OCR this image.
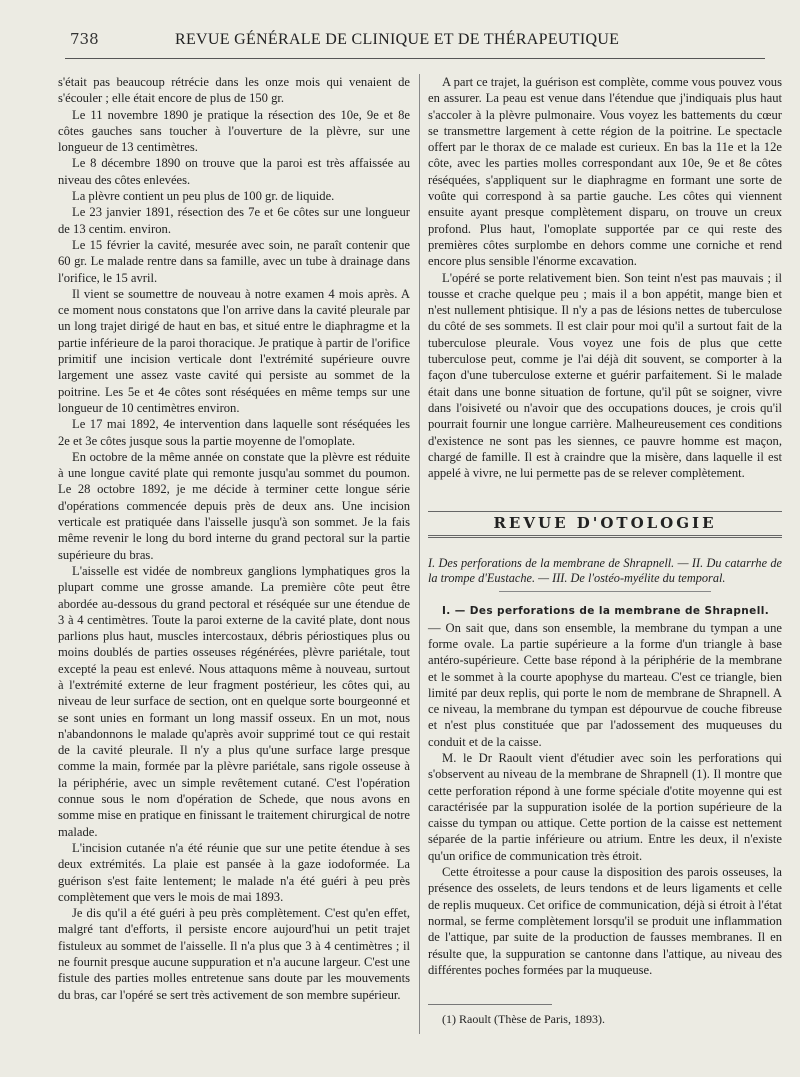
738	REVUE GÉNÉRALE DE CLINIQUE ET DE THÉRAPEUTIQUE

s'était pas beaucoup rétrécie dans les onze mois qui venaient de s'écouler ; elle était encore de plus de 150 gr.

Le 11 novembre 1890 je pratique la résection des 10e, 9e et 8e côtes gauches sans toucher à l'ouverture de la plèvre, sur une longueur de 13 centimètres.

Le 8 décembre 1890 on trouve que la paroi est très affaissée au niveau des côtes enlevées.

La plèvre contient un peu plus de 100 gr. de liquide.

Le 23 janvier 1891, résection des 7e et 6e côtes sur une longueur de 13 centim. environ.

Le 15 février la cavité, mesurée avec soin, ne paraît contenir que 60 gr. Le malade rentre dans sa famille, avec un tube à drainage dans l'orifice, le 15 avril.

Il vient se soumettre de nouveau à notre examen 4 mois après. A ce moment nous constatons que l'on arrive dans la cavité pleurale par un long trajet dirigé de haut en bas, et situé entre le diaphragme et la partie inférieure de la paroi thoracique. Je pratique à partir de l'orifice primitif une incision verticale dont l'extrémité supérieure ouvre largement une assez vaste cavité qui persiste au sommet de la poitrine. Les 5e et 4e côtes sont réséquées en même temps sur une longueur de 10 centimètres environ.

Le 17 mai 1892, 4e intervention dans laquelle sont réséquées les 2e et 3e côtes jusque sous la partie moyenne de l'omoplate.

En octobre de la même année on constate que la plèvre est réduite à une longue cavité plate qui remonte jusqu'au sommet du poumon. Le 28 octobre 1892, je me décide à terminer cette longue série d'opérations commencée depuis près de deux ans. Une incision verticale est pratiquée dans l'aisselle jusqu'à son sommet. Je la fais même revenir le long du bord interne du grand pectoral sur la partie supérieure du bras.

L'aisselle est vidée de nombreux ganglions lymphatiques gros la plupart comme une grosse amande. La première côte peut être abordée au-dessous du grand pectoral et réséquée sur une étendue de 3 à 4 centimètres. Toute la paroi externe de la cavité plate, dont nous parlions plus haut, muscles intercostaux, débris périostiques plus ou moins doublés de parties osseuses régénérées, plèvre pariétale, tout excepté la peau est enlevé. Nous attaquons même à nouveau, surtout à l'extrémité externe de leur fragment postérieur, les côtes qui, au niveau de leur surface de section, ont en quelque sorte bourgeonné et se sont unies en formant un long massif osseux. En un mot, nous n'abandonnons le malade qu'après avoir supprimé tout ce qui restait de la cavité pleurale. Il n'y a plus qu'une surface large presque comme la main, formée par la plèvre pariétale, sans rigole osseuse à la périphérie, avec un simple revêtement cutané. C'est l'opération connue sous le nom d'opération de Schede, que nous avons en somme mise en pratique en finissant le traitement chirurgical de notre malade.

L'incision cutanée n'a été réunie que sur une petite étendue à ses deux extrémités. La plaie est pansée à la gaze iodoformée. La guérison s'est faite lentement; le malade n'a été guéri à peu près complètement que vers le mois de mai 1893.

Je dis qu'il a été guéri à peu près complètement. C'est qu'en effet, malgré tant d'efforts, il persiste encore aujourd'hui un petit trajet fistuleux au sommet de l'aisselle. Il n'a plus que 3 à 4 centimètres ; il ne fournit presque aucune suppuration et n'a aucune largeur. C'est une fistule des parties molles entretenue sans doute par les mouvements du bras, car l'opéré se sert très activement de son membre supérieur.

A part ce trajet, la guérison est complète, comme vous pouvez vous en assurer. La peau est venue dans l'étendue que j'indiquais plus haut s'accoler à la plèvre pulmonaire. Vous voyez les battements du cœur se transmettre largement à cette région de la poitrine. Le spectacle offert par le thorax de ce malade est curieux. En bas la 11e et la 12e côte, avec les parties molles correspondant aux 10e, 9e et 8e côtes réséquées, s'appliquent sur le diaphragme en formant une sorte de voûte qui correspond à sa partie gauche. Les côtes qui viennent ensuite ayant presque complètement disparu, on trouve un creux profond. Plus haut, l'omoplate supportée par ce qui reste des premières côtes surplombe en dehors comme une corniche et rend encore plus sensible l'énorme excavation.

L'opéré se porte relativement bien. Son teint n'est pas mauvais ; il tousse et crache quelque peu ; mais il a bon appétit, mange bien et n'est nullement phtisique. Il n'y a pas de lésions nettes de tuberculose du côté de ses sommets. Il est clair pour moi qu'il a surtout fait de la tuberculose pleurale. Vous voyez une fois de plus que cette tuberculose peut, comme je l'ai déjà dit souvent, se comporter à la façon d'une tuberculose externe et guérir parfaitement. Si le malade était dans une bonne situation de fortune, qu'il pût se soigner, vivre dans l'oisiveté ou n'avoir que des occupations douces, je crois qu'il pourrait fournir une longue carrière. Malheureusement ces conditions d'existence ne sont pas les siennes, ce pauvre homme est maçon, chargé de famille. Il est à craindre que la misère, dans laquelle il est appelé à vivre, ne lui permette pas de se relever complètement.

REVUE D'OTOLOGIE

I. Des perforations de la membrane de Shrapnell. — II. Du catarrhe de la trompe d'Eustache. — III. De l'ostéo-myélite du temporal.

I. — Des perforations de la membrane de Shrapnell.

— On sait que, dans son ensemble, la membrane du tympan a une forme ovale. La partie supérieure a la forme d'un triangle à base antéro-supérieure. Cette base répond à la périphérie de la membrane et le sommet à la courte apophyse du marteau. C'est ce triangle, bien limité par deux replis, qui porte le nom de membrane de Shrapnell. A ce niveau, la membrane du tympan est dépourvue de couche fibreuse et n'est plus constituée que par l'adossement des muqueuses du conduit et de la caisse.

M. le Dr Raoult vient d'étudier avec soin les perforations qui s'observent au niveau de la membrane de Shrapnell (1). Il montre que cette perforation répond à une forme spéciale d'otite moyenne qui est caractérisée par la suppuration isolée de la portion supérieure de la caisse du tympan ou attique. Cette portion de la caisse est nettement séparée de la partie inférieure ou atrium. Entre les deux, il n'existe qu'un orifice de communication très étroit.

Cette étroitesse a pour cause la disposition des parois osseuses, la présence des osselets, de leurs tendons et de leurs ligaments et celle de replis muqueux. Cet orifice de communication, déjà si étroit à l'état normal, se ferme complètement lorsqu'il se produit une inflammation de l'attique, par suite de la production de fausses membranes. Il en résulte que, la suppuration se cantonne dans l'attique, au niveau des différentes poches formées par la muqueuse.

(1) Raoult (Thèse de Paris, 1893).
